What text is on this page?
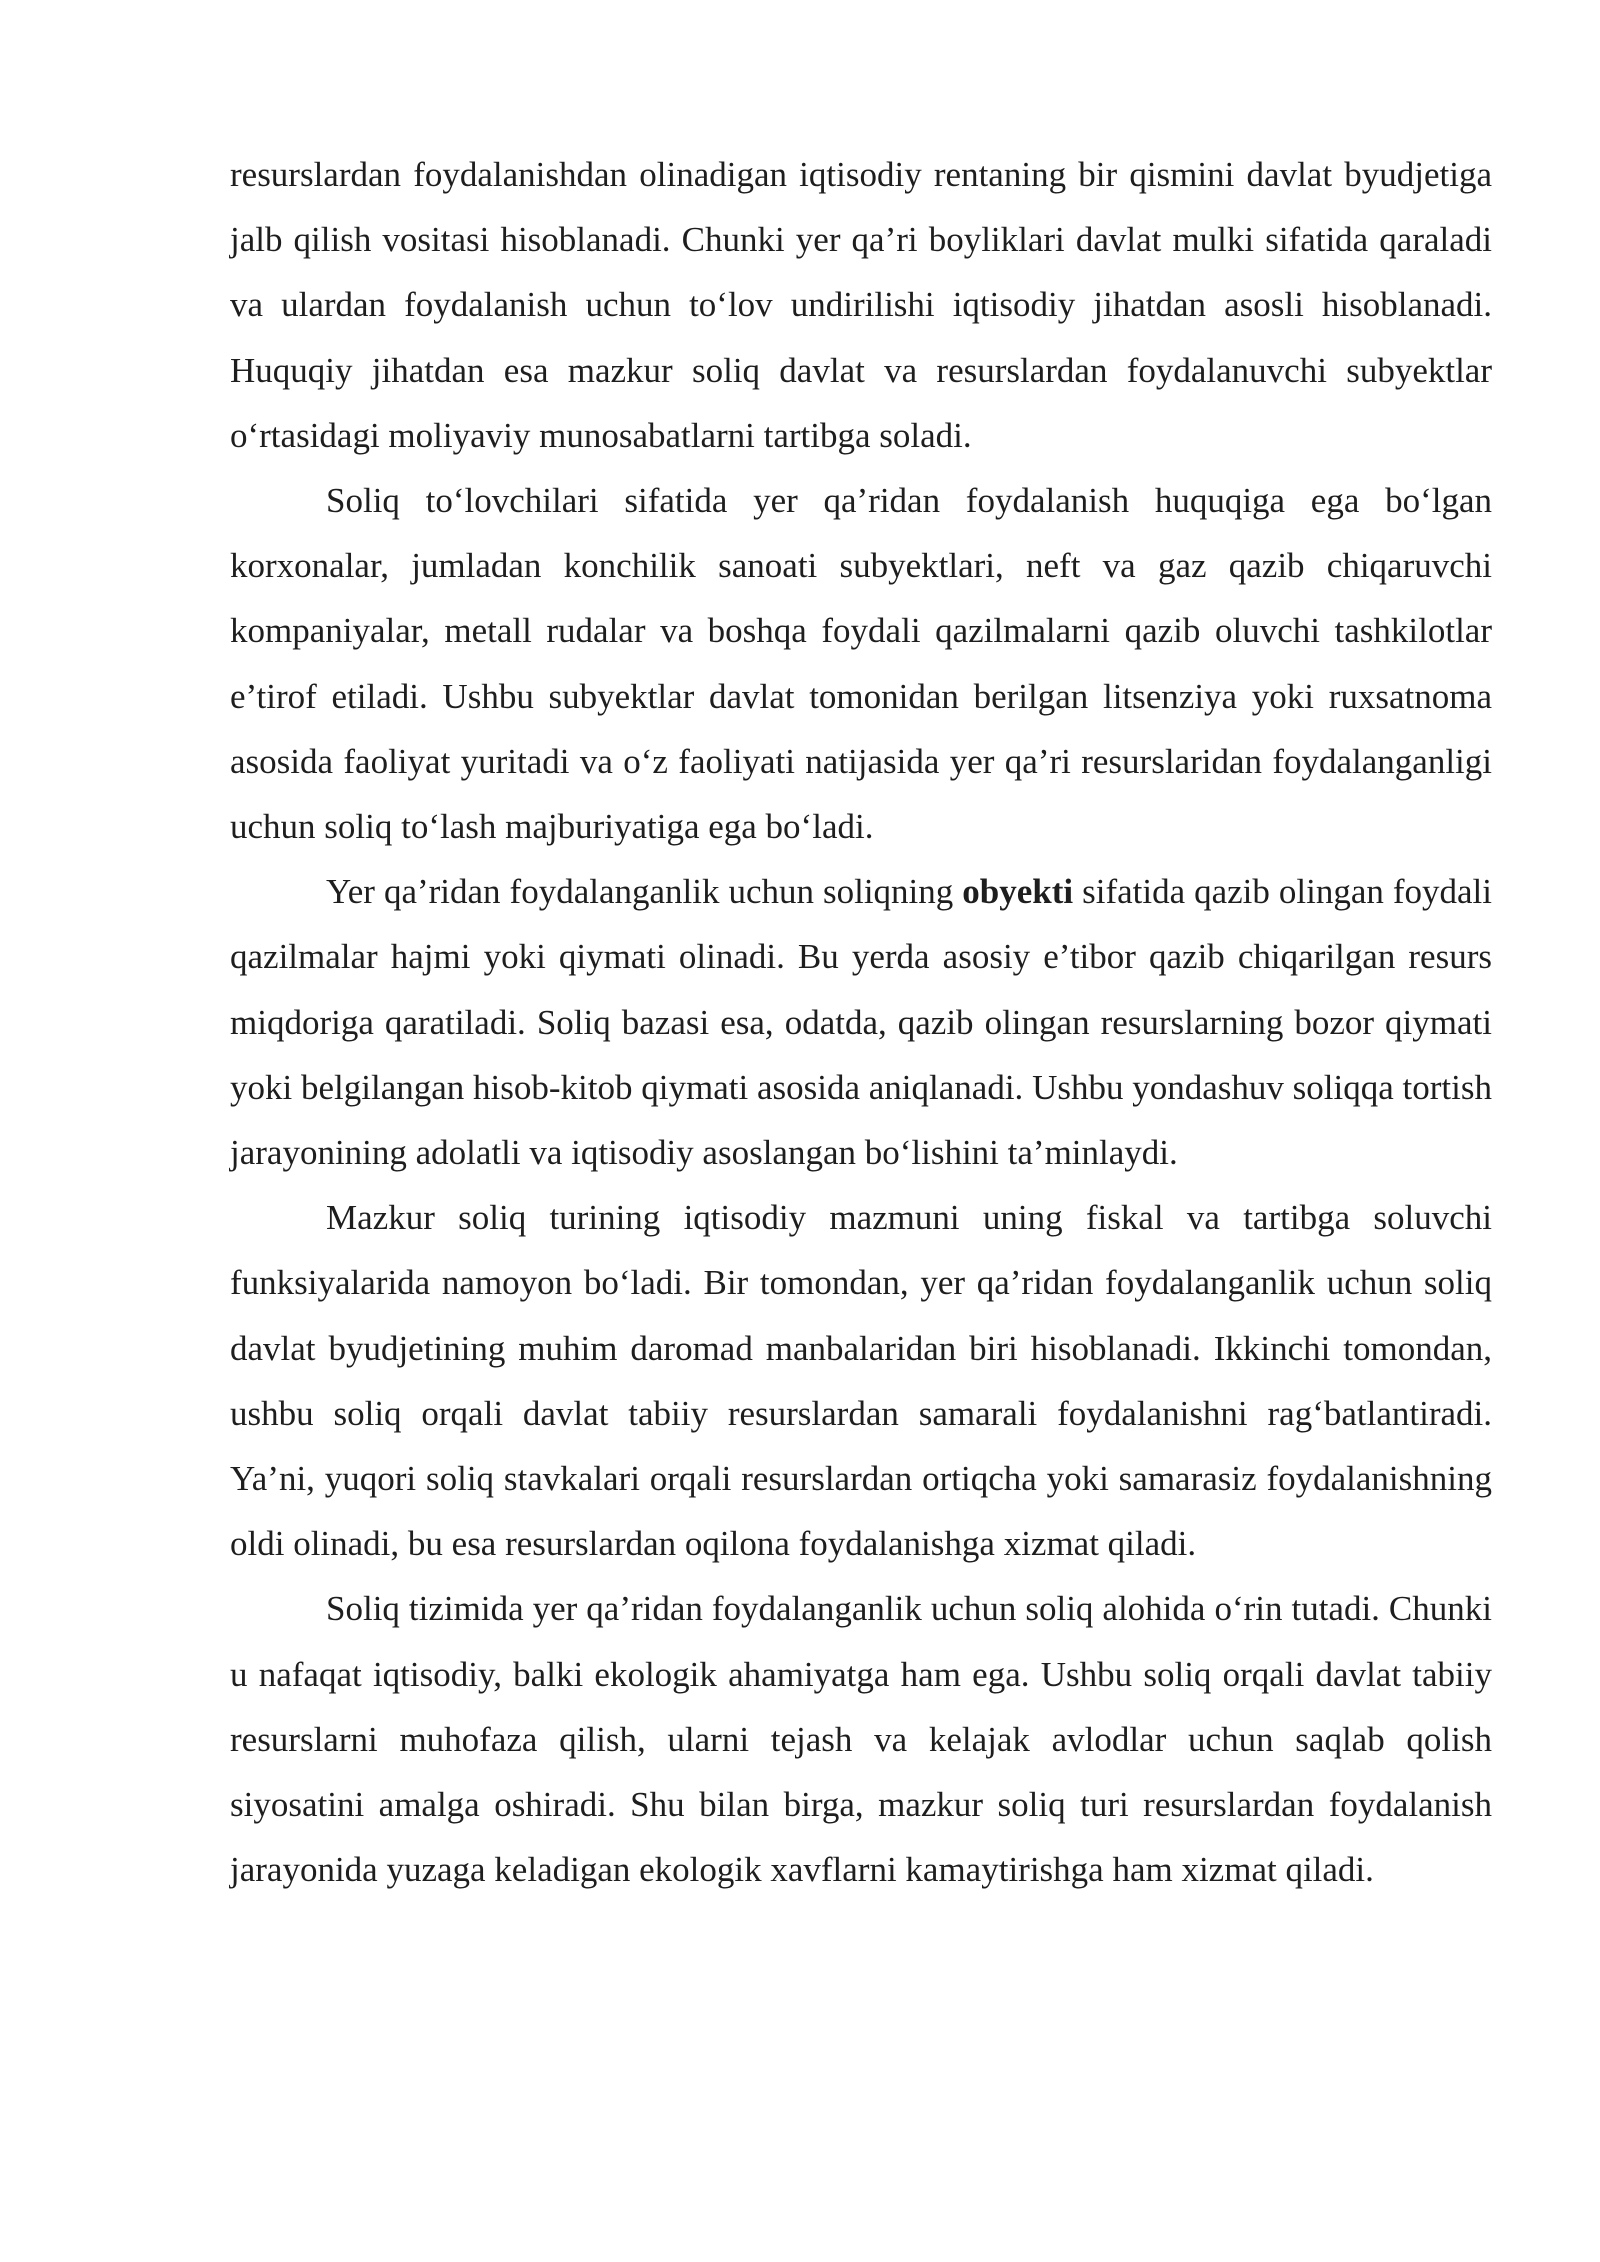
resurslardan foydalanishdan olinadigan iqtisodiy rentaning bir qismini davlat byudjetiga jalb qilish vositasi hisoblanadi. Chunki yer qa’ri boyliklari davlat mulki sifatida qaraladi va ulardan foydalanish uchun to‘lov undirilishi iqtisodiy jihatdan asosli hisoblanadi. Huquqiy jihatdan esa mazkur soliq davlat va resurslardan foydalanuvchi subyektlar o‘rtasidagi moliyaviy munosabatlarni tartibga soladi.

Soliq to‘lovchilari sifatida yer qa’ridan foydalanish huquqiga ega bo‘lgan korxonalar, jumladan konchilik sanoati subyektlari, neft va gaz qazib chiqaruvchi kompaniyalar, metall rudalar va boshqa foydali qazilmalarni qazib oluvchi tashkilotlar e’tirof etiladi. Ushbu subyektlar davlat tomonidan berilgan litsenziya yoki ruxsatnoma asosida faoliyat yuritadi va o‘z faoliyati natijasida yer qa’ri resurslaridan foydalanganligi uchun soliq to‘lash majburiyatiga ega bo‘ladi.

Yer qa’ridan foydalanganlik uchun soliqning obyekti sifatida qazib olingan foydali qazilmalar hajmi yoki qiymati olinadi. Bu yerda asosiy e’tibor qazib chiqarilgan resurs miqdoriga qaratiladi. Soliq bazasi esa, odatda, qazib olingan resurslarning bozor qiymati yoki belgilangan hisob-kitob qiymati asosida aniqlanadi. Ushbu yondashuv soliqqa tortish jarayonining adolatli va iqtisodiy asoslangan bo‘lishini ta’minlaydi.

Mazkur soliq turining iqtisodiy mazmuni uning fiskal va tartibga soluvchi funksiyalarida namoyon bo‘ladi. Bir tomondan, yer qa’ridan foydalanganlik uchun soliq davlat byudjetining muhim daromad manbalaridan biri hisoblanadi. Ikkinchi tomondan, ushbu soliq orqali davlat tabiiy resurslardan samarali foydalanishni rag‘batlantiradi. Ya’ni, yuqori soliq stavkalari orqali resurslardan ortiqcha yoki samarasiz foydalanishning oldi olinadi, bu esa resurslardan oqilona foydalanishga xizmat qiladi.

Soliq tizimida yer qa’ridan foydalanganlik uchun soliq alohida o‘rin tutadi. Chunki u nafaqat iqtisodiy, balki ekologik ahamiyatga ham ega. Ushbu soliq orqali davlat tabiiy resurslarni muhofaza qilish, ularni tejash va kelajak avlodlar uchun saqlab qolish siyosatini amalga oshiradi. Shu bilan birga, mazkur soliq turi resurslardan foydalanish jarayonida yuzaga keladigan ekologik xavflarni kamaytirishga ham xizmat qiladi.
